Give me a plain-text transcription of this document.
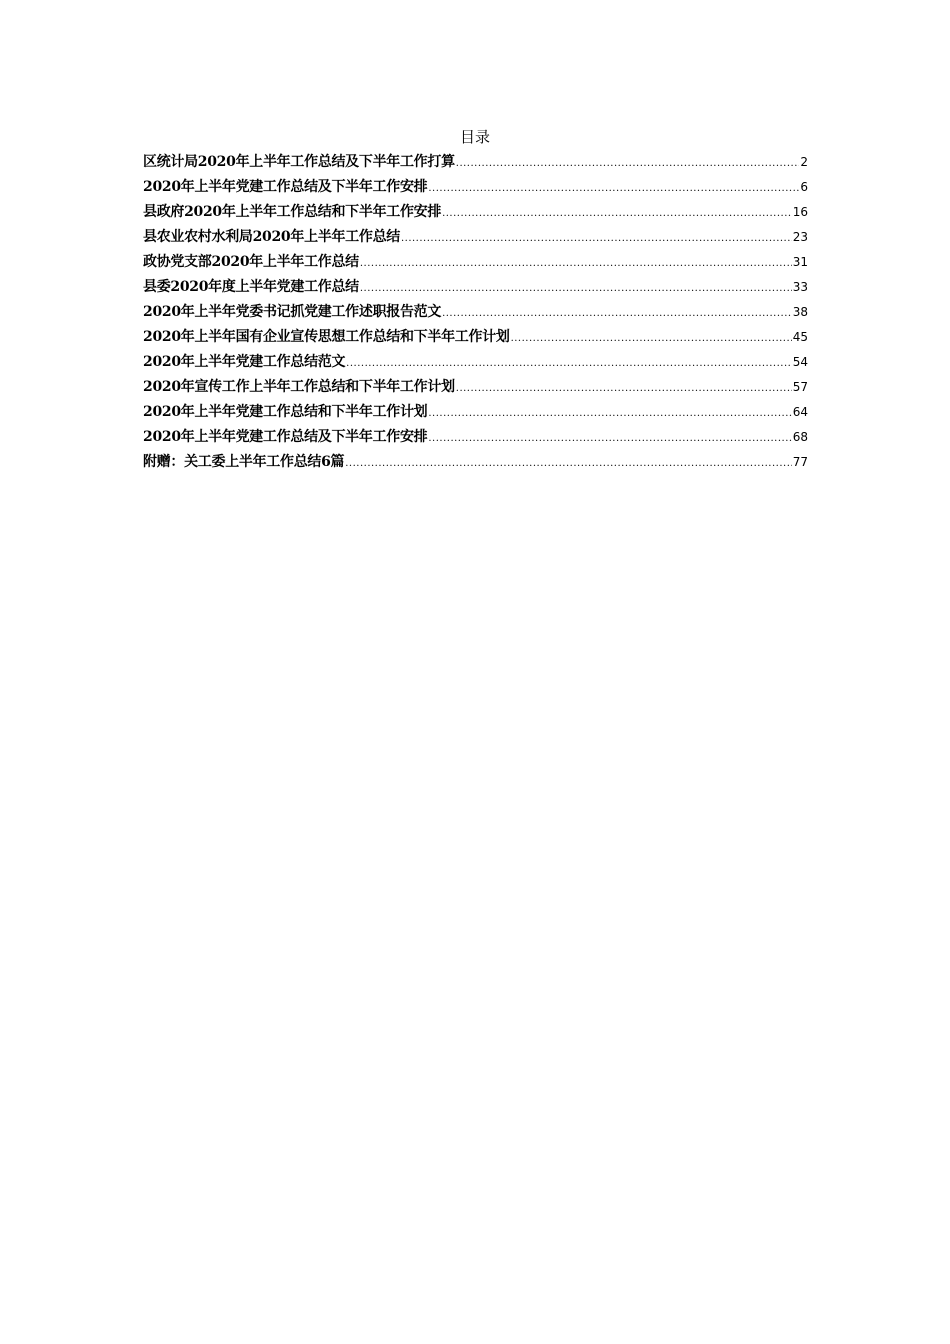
目录
区统计局2020年上半年工作总结及下半年工作打算 .....	2
2020年上半年党建工作总结及下半年工作安排 .....	6
县政府2020年上半年工作总结和下半年工作安排 .....	16
县农业农村水利局2020年上半年工作总结 .....	23
政协党支部2020年上半年工作总结 .....	31
县委2020年度上半年党建工作总结 .....	33
2020年上半年党委书记抓党建工作述职报告范文 .....	38
2020年上半年国有企业宣传思想工作总结和下半年工作计划 .....	45
2020年上半年党建工作总结范文 .....	54
2020年宣传工作上半年工作总结和下半年工作计划 .....	57
2020年上半年党建工作总结和下半年工作计划 .....	64
2020年上半年党建工作总结及下半年工作安排 .....	68
附赠：关工委上半年工作总结6篇 .....	77
